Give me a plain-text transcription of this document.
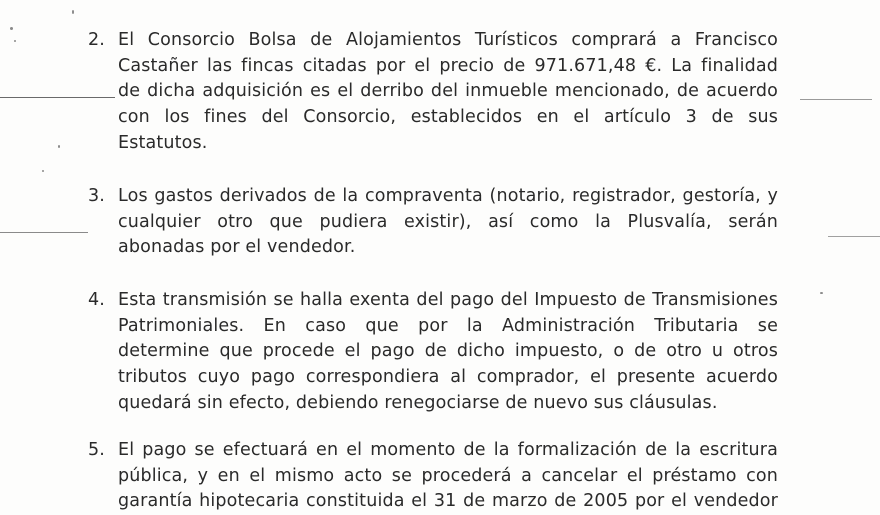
2. El Consorcio Bolsa de Alojamientos Turísticos comprará a Francisco
Castañer las fincas citadas por el precio de 971.671,48 €. La finalidad
de dicha adquisición es el derribo del inmueble mencionado, de acuerdo
con los fines del Consorcio, establecidos en el artículo 3 de sus
Estatutos.
3. Los gastos derivados de la compraventa (notario, registrador, gestoría, y
cualquier otro que pudiera existir), así como la Plusvalía, serán
abonadas por el vendedor.
4. Esta transmisión se halla exenta del pago del Impuesto de Transmisiones
Patrimoniales. En caso que por la Administración Tributaria se
determine que procede el pago de dicho impuesto, o de otro u otros
tributos cuyo pago correspondiera al comprador, el presente acuerdo
quedará sin efecto, debiendo renegociarse de nuevo sus cláusulas.
5. El pago se efectuará en el momento de la formalización de la escritura
pública, y en el mismo acto se procederá a cancelar el préstamo con
garantía hipotecaria constituida el 31 de marzo de 2005 por el vendedor
